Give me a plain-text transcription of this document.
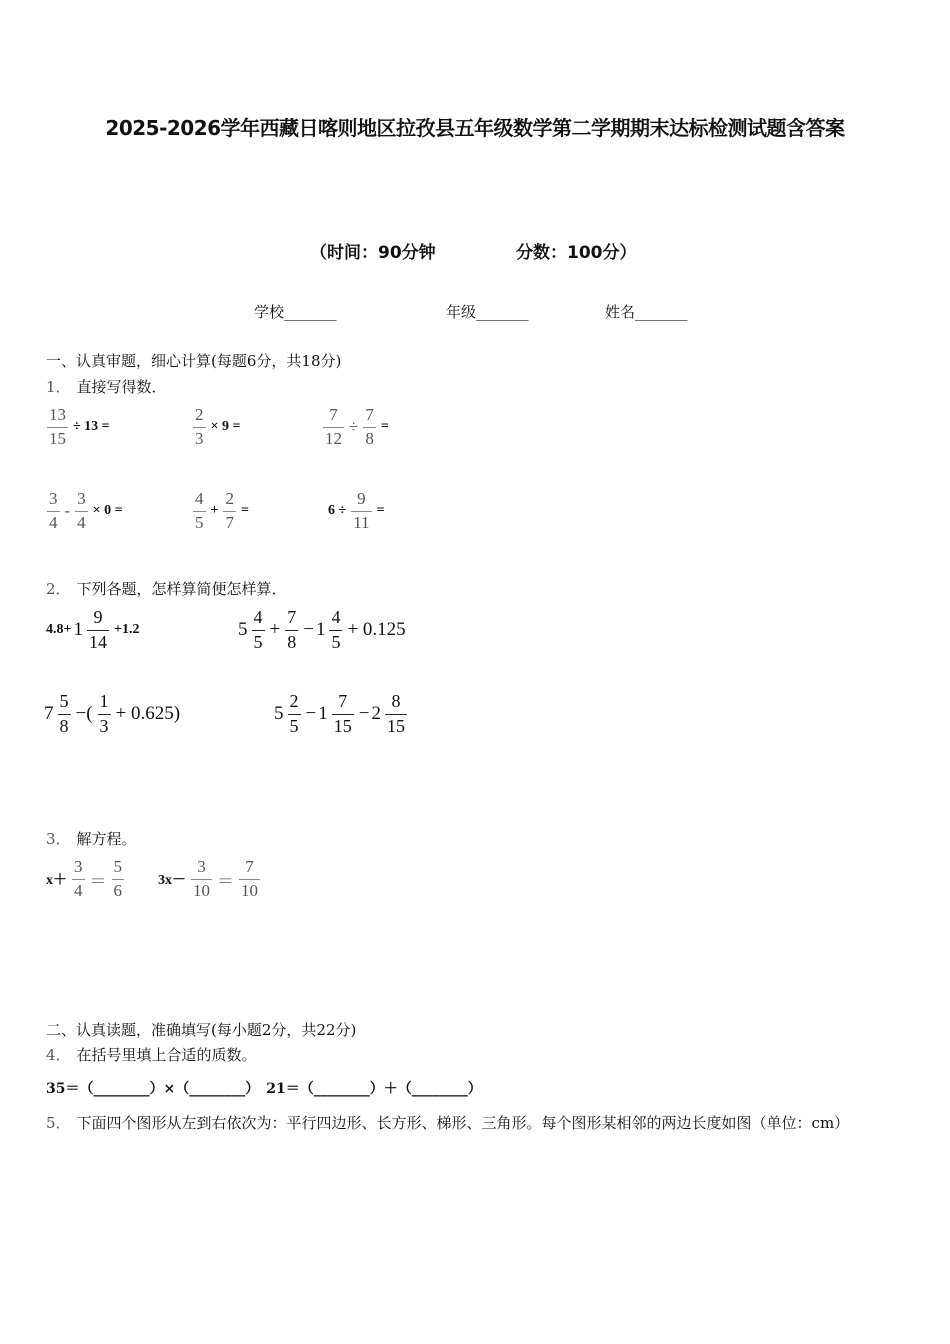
2025-2026学年西藏日喀则地区拉孜县五年级数学第二学期期末达标检测试题含答案
（时间：90分钟	分数：100分）
学校_______	年级_______	姓名_______
一、认真审题，细心计算(每题6分，共18分)
1． 直接写得数．
$\frac{13}{15} \div 13$ =	$\frac{2}{3} \times 9$ =	$\frac{7}{12} \div \frac{7}{8}$ =
$\frac{3}{4} - \frac{3}{4} \times 0$ =	$\frac{4}{5} + \frac{2}{7}$ =	$6 \div \frac{9}{11}$ =
2． 下列各题，怎样算简便怎样算．
$4.8+ 1 \frac{9}{14} +1.2$	$5 \frac{4}{5} + \frac{7}{8} - 1 \frac{4}{5} + 0.125$
$7 \frac{5}{8}$ −( $\frac{1}{3} + 0.625$)	$5 \frac{2}{5} - 1 \frac{7}{15} - 2 \frac{8}{15}$
3． 解方程。
$x+ \frac{3}{4} = \frac{5}{6} 3x- \frac{3}{10} = \frac{7}{10}$
二、认真读题，准确填写(每小题2分，共22分)
4． 在括号里填上合适的质数。
35＝（________）×（________）　21＝（________）＋（________）
5． 下面四个图形从左到右依次为：平行四边形、长方形、梯形、三角形。每个图形某相邻的两边长度如图（单位：cm）
